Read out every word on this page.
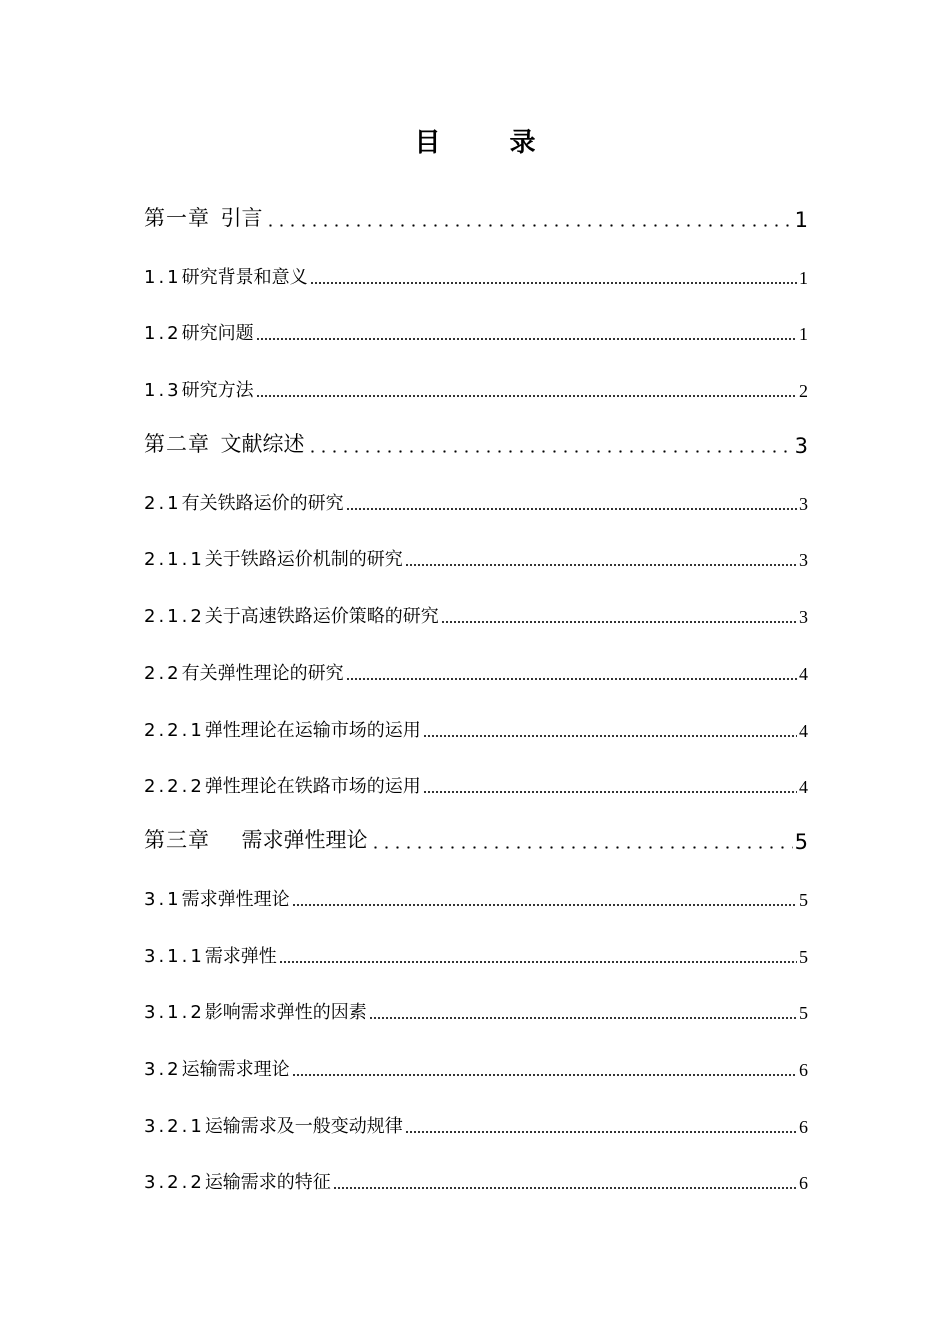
目 录
第一章  引言	1
1.1研究背景和意义	1
1.2研究问题	1
1.3研究方法	2
第二章  文献综述	3
2.1有关铁路运价的研究	3
2.1.1关于铁路运价机制的研究	3
2.1.2关于高速铁路运价策略的研究	3
2.2有关弹性理论的研究	4
2.2.1弹性理论在运输市场的运用	4
2.2.2弹性理论在铁路市场的运用	4
第三章   需求弹性理论	5
3.1需求弹性理论	5
3.1.1需求弹性	5
3.1.2影响需求弹性的因素	5
3.2运输需求理论	6
3.2.1运输需求及一般变动规律	6
3.2.2运输需求的特征	6
